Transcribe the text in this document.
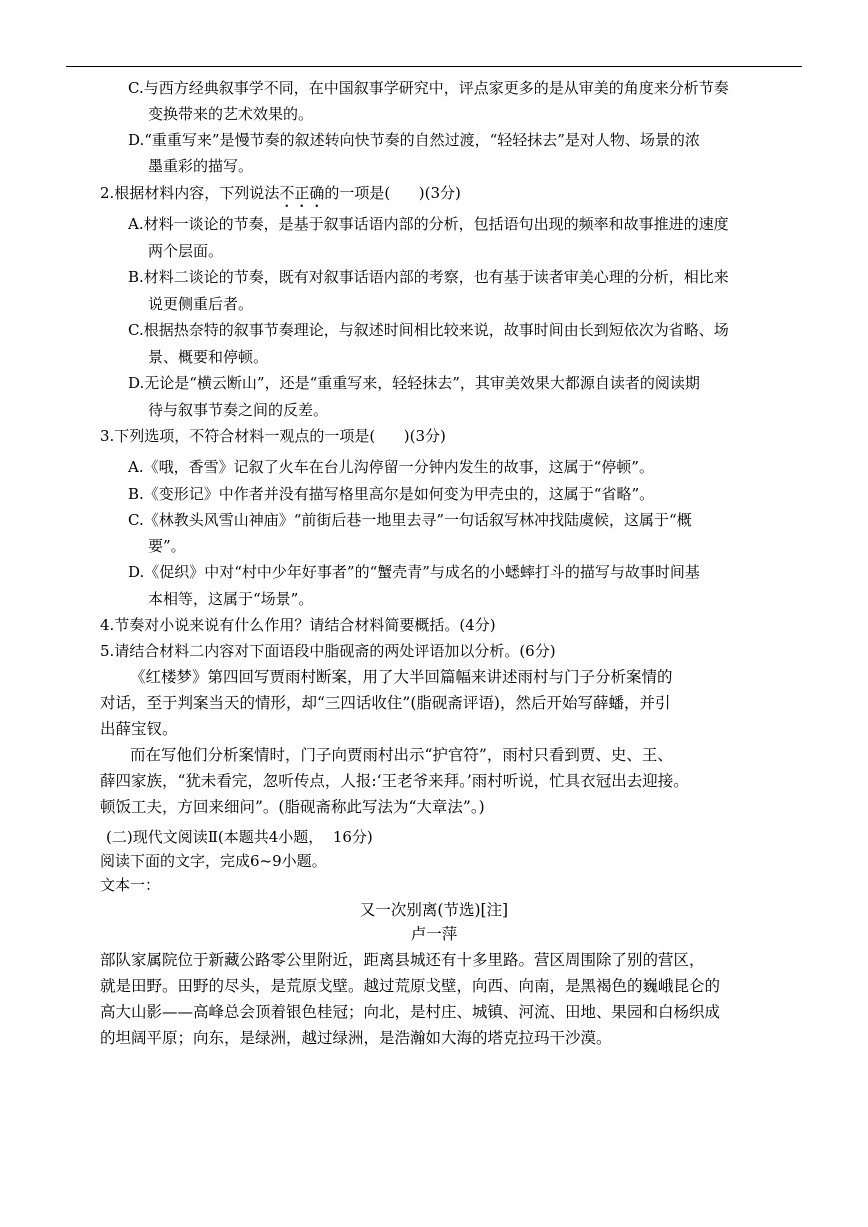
C.与西方经典叙事学不同，在中国叙事学研究中，评点家更多的是从审美的角度来分析节奏
变换带来的艺术效果的。
D.“重重写来”是慢节奏的叙述转向快节奏的自然过渡，“轻轻抹去”是对人物、场景的浓
墨重彩的描写。
2.根据材料内容，下列说法不正确的一项是(      )(3分)
A.材料一谈论的节奏，是基于叙事话语内部的分析，包括语句出现的频率和故事推进的速度
两个层面。
B.材料二谈论的节奏，既有对叙事话语内部的考察，也有基于读者审美心理的分析，相比来
说更侧重后者。
C.根据热奈特的叙事节奏理论，与叙述时间相比较来说，故事时间由长到短依次为省略、场
景、概要和停顿。
D.无论是“横云断山”，还是“重重写来，轻轻抹去”，其审美效果大都源自读者的阅读期
待与叙事节奏之间的反差。
3.下列选项，不符合材料一观点的一项是(      )(3分)
A.《哦，香雪》记叙了火车在台儿沟停留一分钟内发生的故事，这属于“停顿”。
B.《变形记》中作者并没有描写格里高尔是如何变为甲壳虫的，这属于“省略”。
C.《林教头风雪山神庙》“前街后巷一地里去寻”一句话叙写林冲找陆虞候，这属于“概
要”。
D.《促织》中对“村中少年好事者”的“蟹壳青”与成名的小蟋蟀打斗的描写与故事时间基
本相等，这属于“场景”。
4.节奏对小说来说有什么作用？请结合材料简要概括。(4分)
5.请结合材料二内容对下面语段中脂砚斋的两处评语加以分析。(6分)
《红楼梦》第四回写贾雨村断案，用了大半回篇幅来讲述雨村与门子分析案情的
对话，至于判案当天的情形，却“三四话收住”(脂砚斋评语)，然后开始写薛蟠，并引
出薛宝钗。
而在写他们分析案情时，门子向贾雨村出示“护官符”，雨村只看到贾、史、王、
薛四家族，“犹未看完，忽听传点，人报:‘王老爷来拜。’雨村听说，忙具衣冠出去迎接。
顿饭工夫，方回来细问”。(脂砚斋称此写法为“大章法”。)
(二)现代文阅读Ⅱ(本题共4小题，  16分)
阅读下面的文字，完成6~9小题。
文本一：
又一次别离(节选)[注]
卢一萍
部队家属院位于新藏公路零公里附近，距离县城还有十多里路。营区周围除了别的营区，
就是田野。田野的尽头，是荒原戈壁。越过荒原戈壁，向西、向南，是黑褐色的巍峨昆仑的
高大山影——高峰总会顶着银色桂冠；向北，是村庄、城镇、河流、田地、果园和白杨织成
的坦阔平原；向东，是绿洲，越过绿洲，是浩瀚如大海的塔克拉玛干沙漠。
